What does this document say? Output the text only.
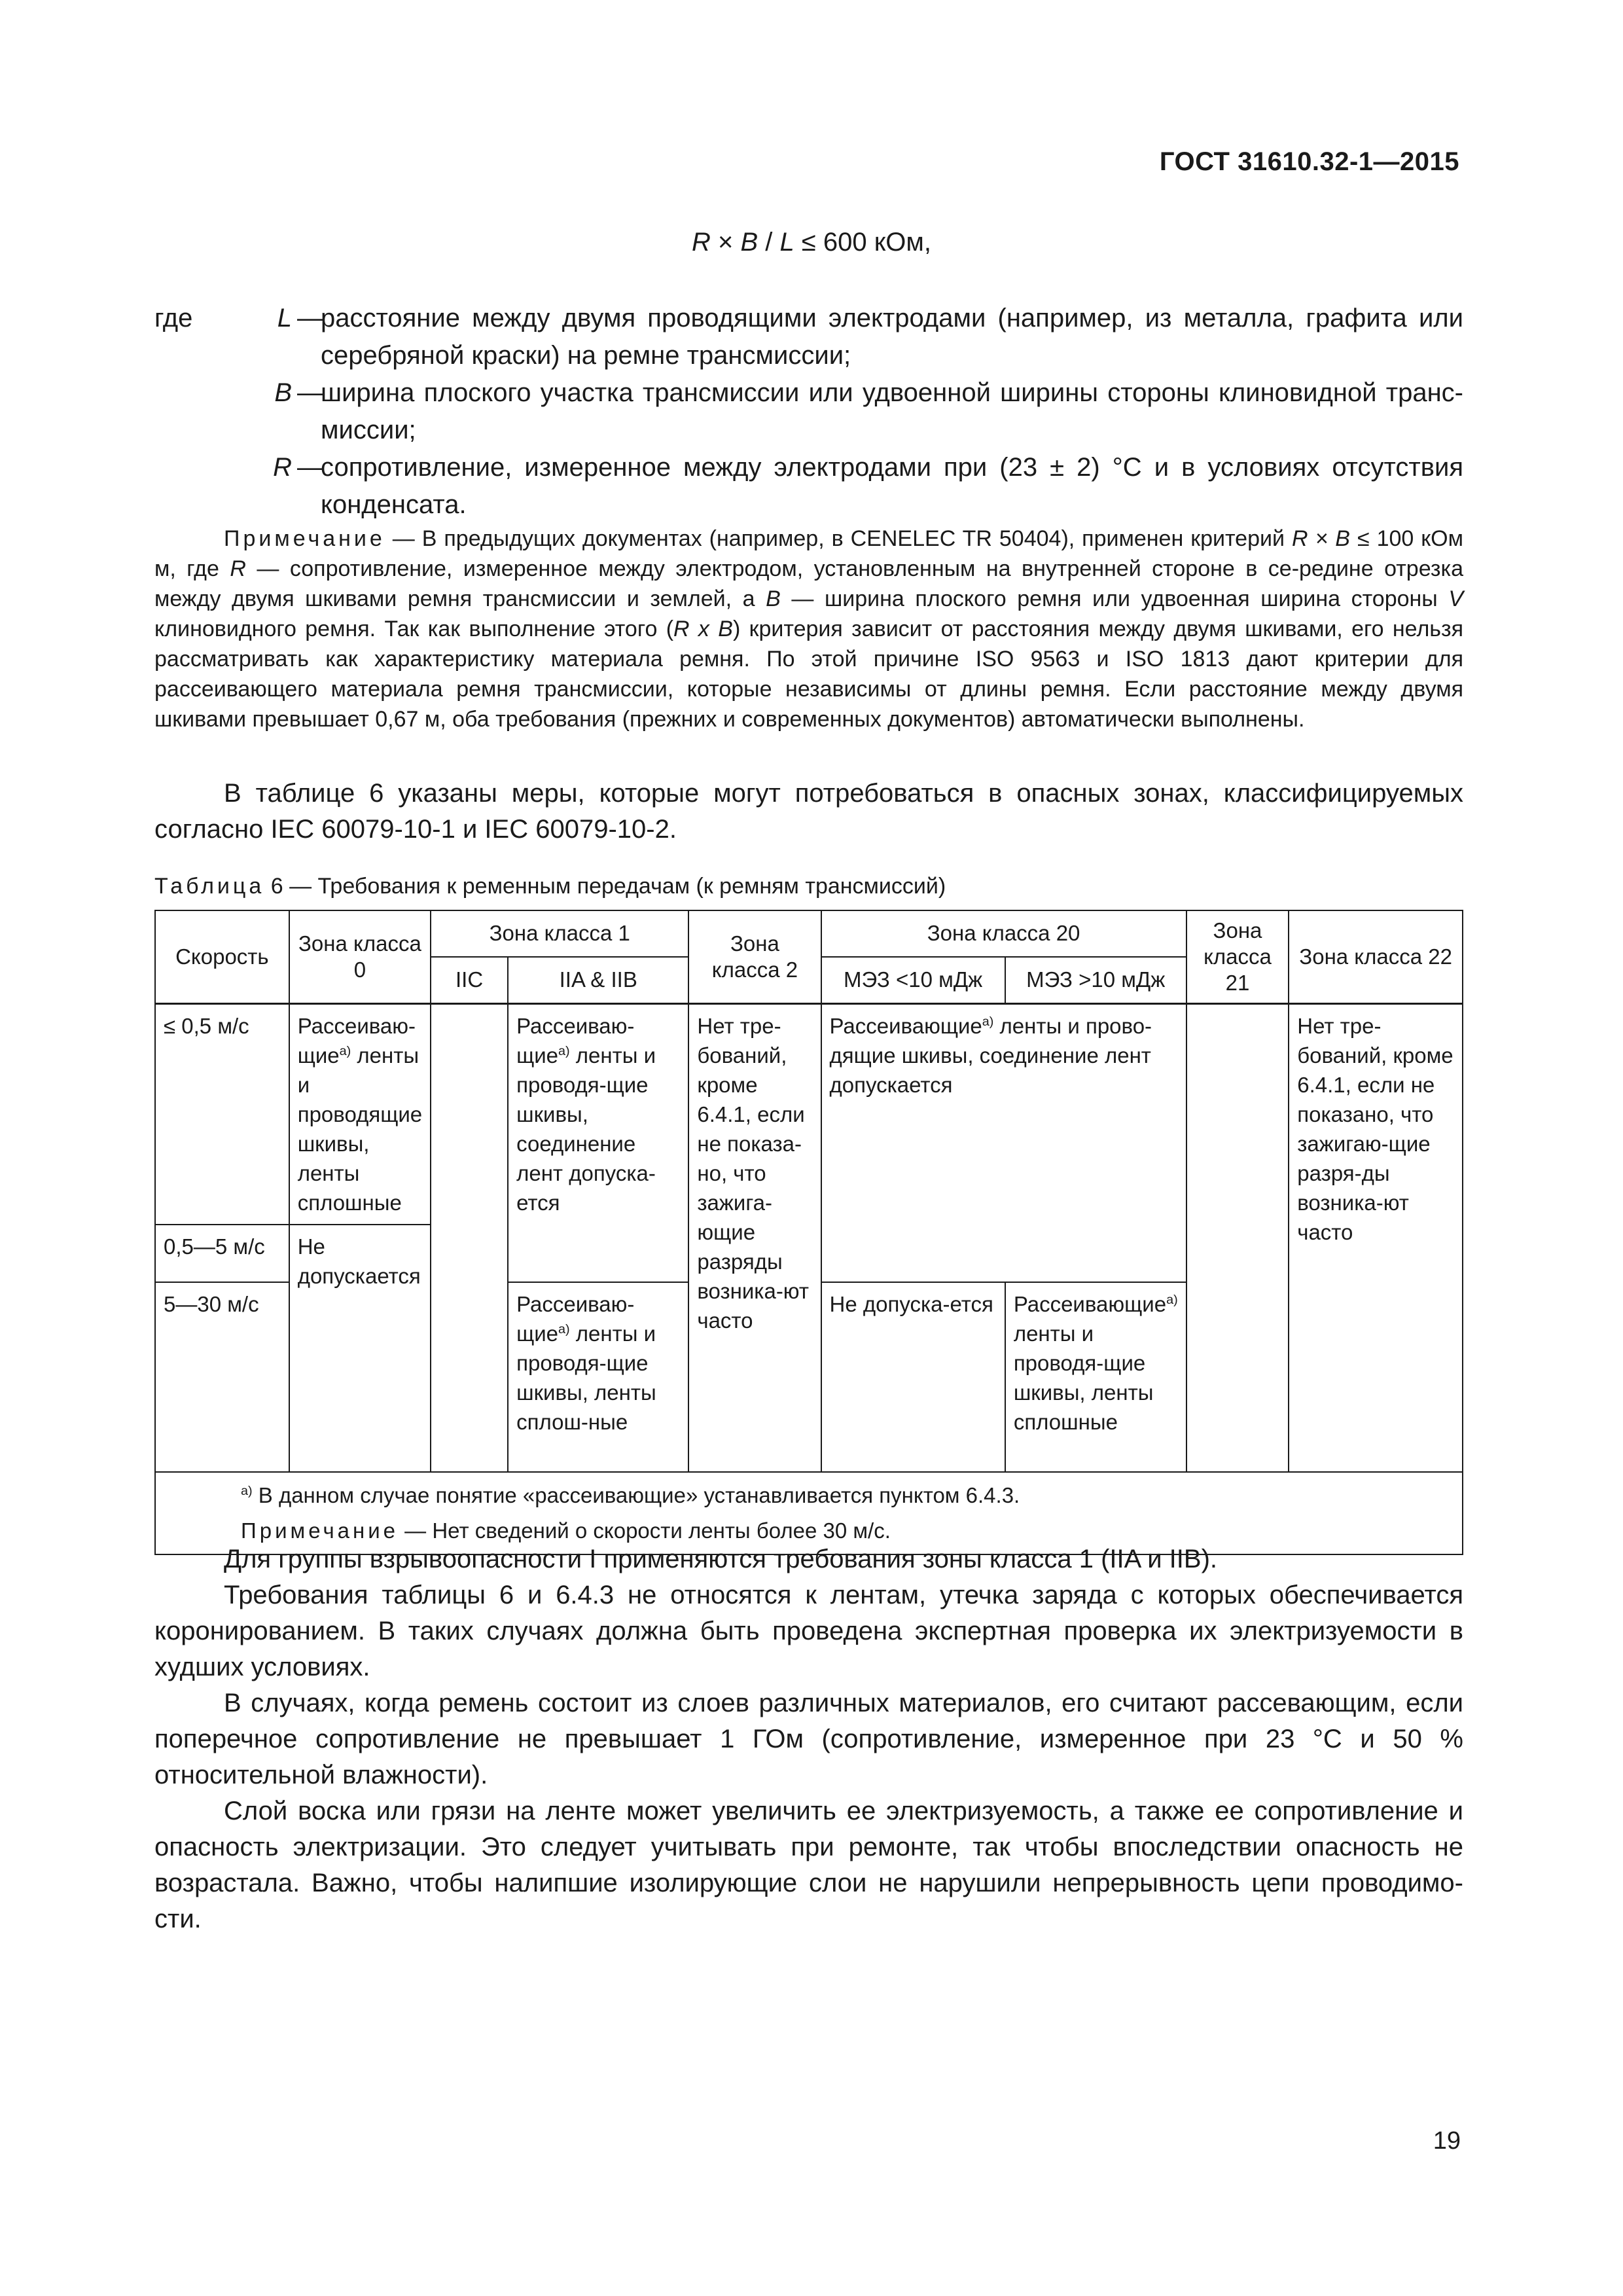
ГОСТ 31610.32-1—2015
R × B / L ≤ 600 кОм,
где	L —
расстояние между двумя проводящими электродами (например, из металла, графита или серебряной краски) на ремне трансмиссии;
B —
ширина плоского участка трансмиссии или удвоенной ширины стороны клиновидной транс-миссии;
R —
сопротивление, измеренное между электродами при (23 ± 2) °С и в условиях отсутствия конденсата.
Примечание — В предыдущих документах (например, в CENELEC TR 50404), применен критерий R × B ≤ 100 кОм м, где R — сопротивление, измеренное между электродом, установленным на внутренней стороне в се-редине отрезка между двумя шкивами ремня трансмиссии и землей, а B — ширина плоского ремня или удвоенная ширина стороны V клиновидного ремня. Так как выполнение этого (R x B) критерия зависит от расстояния между двумя шкивами, его нельзя рассматривать как характеристику материала ремня. По этой причине ISO 9563 и ISO 1813 дают критерии для рассеивающего материала ремня трансмиссии, которые независимы от длины ремня. Если расстояние между двумя шкивами превышает 0,67 м, оба требования (прежних и современных документов) автоматически выполнены.
В таблице 6 указаны меры, которые могут потребоваться в опасных зонах, классифицируемых согласно IEC 60079-10-1 и IEC 60079-10-2.
Таблица 6 — Требования к ременным передачам (к ремням трансмиссий)
Скорость	Зона класса 0	Зона класса 1		Зона класса 2	Зона класса 20		Зона класса 21	Зона класса 22
		IIC	IIA & IIB		МЭЗ <10 мДж	МЭЗ >10 мДж		
≤ 0,5 м/с	Рассеиваю-щие$^{a)}$ ленты и проводящие шкивы, ленты сплошные		Рассеиваю-щие$^{a)}$ ленты и проводя-щие шкивы, соединение лент допуска-ется	Нет тре-бований, кроме 6.4.1, если не показа-но, что зажига-ющие разряды возника-ют часто	Рассеивающие$^{a)}$ ленты и прово-дящие шкивы, соединение лент допускается			Нет тре-бований, кроме 6.4.1, если не показано, что зажигаю-щие разря-ды возника-ют часто
0,5—5 м/с	Не допускается							
5—30 м/с			Рассеиваю-щие$^{a)}$ ленты и проводя-щие шкивы, ленты сплош-ные		Не допуска-ется	Рассеивающие$^{a)}$ ленты и проводя-щие шкивы, ленты сплошные		

$^{a)}$ В данном случае понятие «рассеивающие» устанавливается пунктом 6.4.3.
Примечание — Нет сведений о скорости ленты более 30 м/с.								

Для группы взрывоопасности I применяются требования зоны класса 1 (IIA и IIB).

Требования таблицы 6 и 6.4.3 не относятся к лентам, утечка заряда с которых обеспечивается коронированием. В таких случаях должна быть проведена экспертная проверка их электризуемости в худших условиях.

В случаях, когда ремень состоит из слоев различных материалов, его считают рассевающим, если поперечное сопротивление не превышает 1 ГОм (сопротивление, измеренное при 23 °С и 50 % относительной влажности).

Слой воска или грязи на ленте может увеличить ее электризуемость, а также ее сопротивление и опасность электризации. Это следует учитывать при ремонте, так чтобы впоследствии опасность не возрастала. Важно, чтобы налипшие изолирующие слои не нарушили непрерывность цепи проводимо-сти.

19
